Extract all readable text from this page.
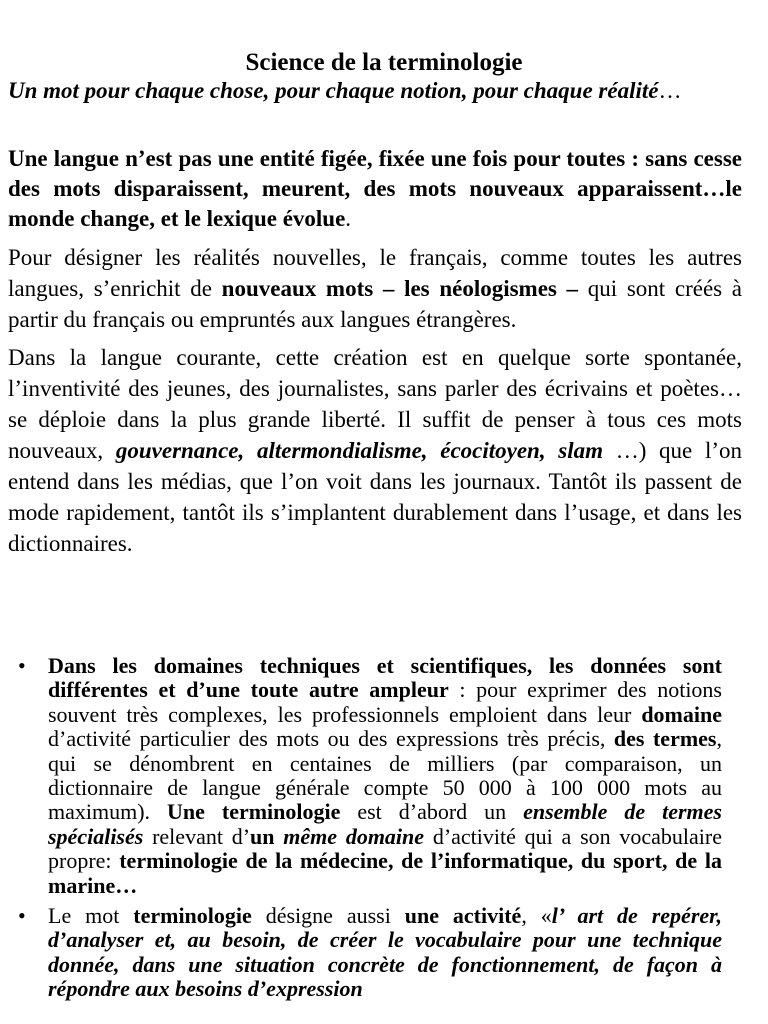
Science de la terminologie

Un mot pour chaque chose, pour chaque notion, pour chaque réalité…

Une langue n’est pas une entité figée, fixée une fois pour toutes : sans cesse des mots disparaissent, meurent, des mots nouveaux apparaissent…le monde change, et le lexique évolue.

Pour désigner les réalités nouvelles, le français, comme toutes les autres langues, s’enrichit de nouveaux mots – les néologismes – qui sont créés à partir du français ou empruntés aux langues étrangères.

Dans la langue courante, cette création est en quelque sorte spontanée, l’inventivité des jeunes, des journalistes, sans parler des écrivains et poètes… se déploie dans la plus grande liberté. Il suffit de penser à tous ces mots nouveaux, gouvernance, altermondialisme, écocitoyen, slam …) que l’on entend dans les médias, que l’on voit dans les journaux. Tantôt ils passent de mode rapidement, tantôt ils s’implantent durablement dans l’usage, et dans les dictionnaires.

• Dans les domaines techniques et scientifiques, les données sont différentes et d’une toute autre ampleur : pour exprimer des notions souvent très complexes, les professionnels emploient dans leur domaine d’activité particulier des mots ou des expressions très précis, des termes, qui se dénombrent en centaines de milliers (par comparaison, un dictionnaire de langue générale compte 50 000 à 100 000 mots au maximum). Une terminologie est d’abord un ensemble de termes spécialisés relevant d’un même domaine d’activité qui a son vocabulaire propre: terminologie de la médecine, de l’informatique, du sport, de la marine…
• Le mot terminologie désigne aussi une activité, «l’ art de repérer, d’analyser et, au besoin, de créer le vocabulaire pour une technique donnée, dans une situation concrète de fonctionnement, de façon à répondre aux besoins d’expression
